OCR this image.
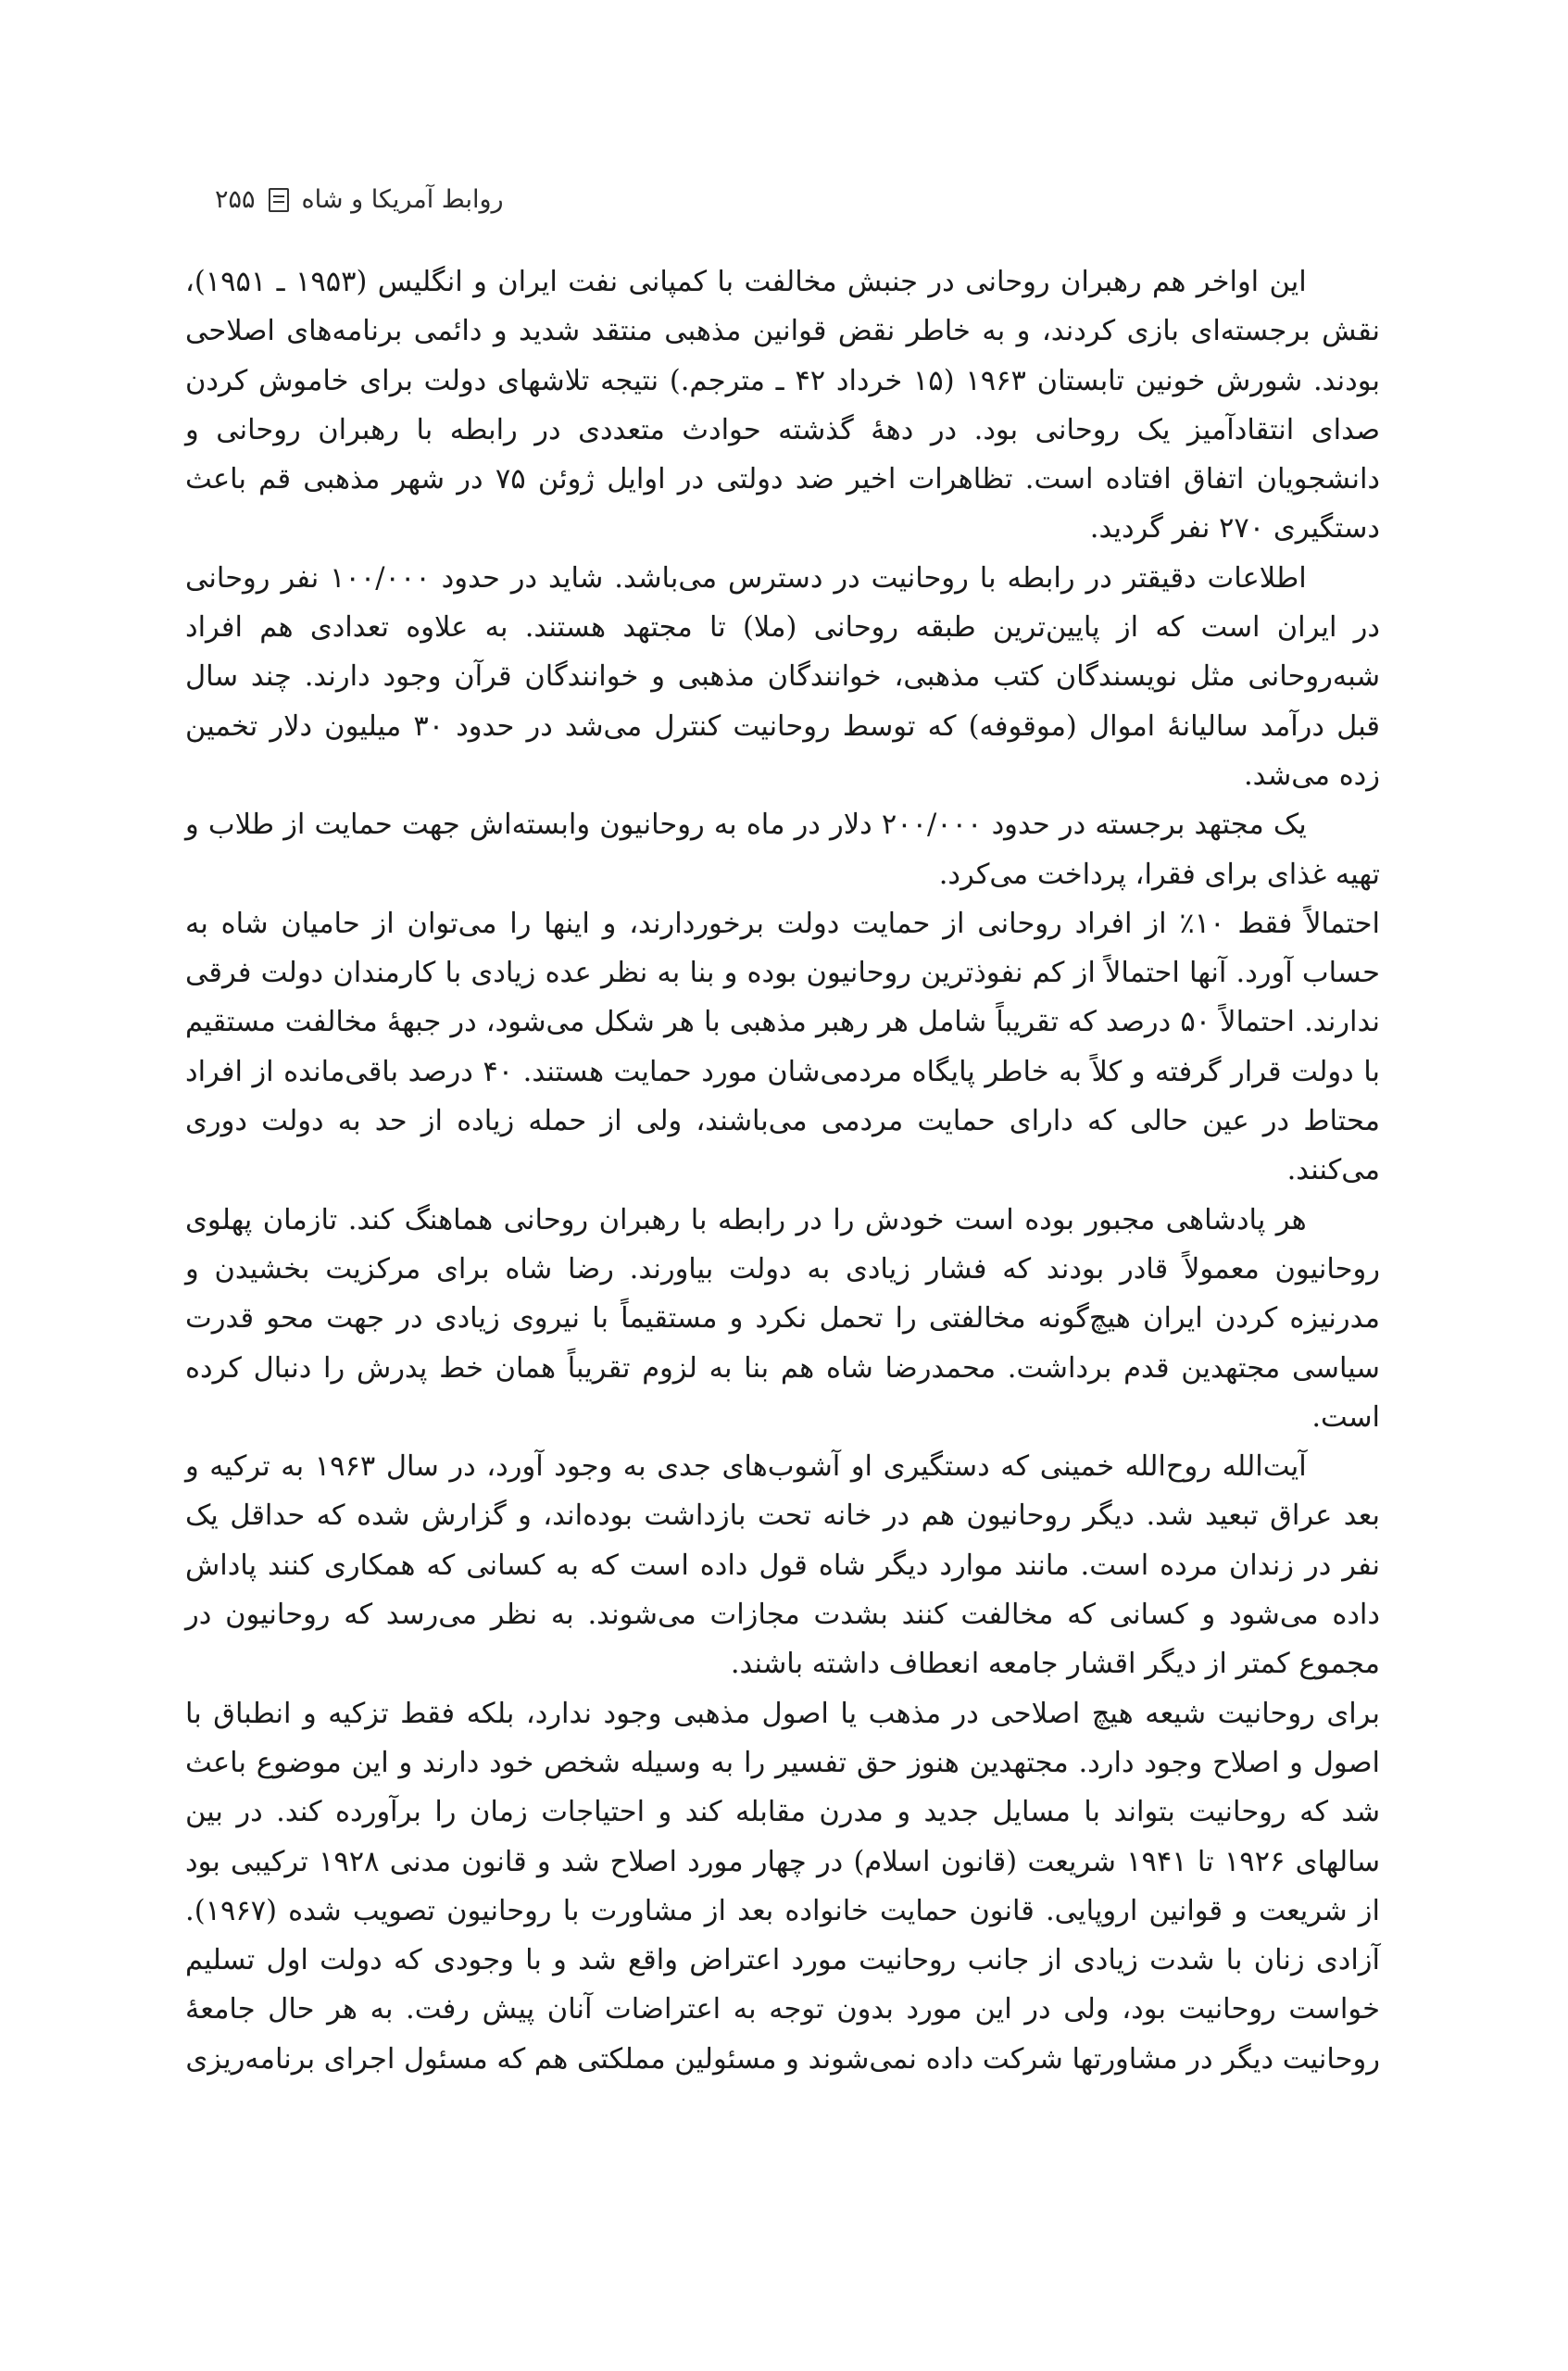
روابط آمریکا و شاه
۲۵۵

این اواخر هم رهبران روحانی در جنبش مخالفت با کمپانی نفت ایران و انگلیس (۱۹۵۳ ـ ۱۹۵۱)، نقش برجسته‌ای بازی کردند، و به خاطر نقض قوانین مذهبی منتقد شدید و دائمی برنامه‌های اصلاحی بودند. شورش خونین تابستان ۱۹۶۳ (۱۵ خرداد ۴۲ ـ مترجم.) نتیجه تلاشهای دولت برای خاموش کردن صدای انتقادآمیز یک روحانی بود. در دههٔ گذشته حوادث متعددی در رابطه با رهبران روحانی و دانشجویان اتفاق افتاده است. تظاهرات اخیر ضد دولتی در اوایل ژوئن ۷۵ در شهر مذهبی قم باعث دستگیری ۲۷۰ نفر گردید.

اطلاعات دقیقتر در رابطه با روحانیت در دسترس می‌باشد. شاید در حدود ۱۰۰/۰۰۰ نفر روحانی در ایران است که از پایین‌ترین طبقه روحانی (ملا) تا مجتهد هستند. به علاوه تعدادی هم افراد شبه‌روحانی مثل نویسندگان کتب مذهبی، خوانندگان مذهبی و خوانندگان قرآن وجود دارند. چند سال قبل درآمد سالیانهٔ اموال (موقوفه) که توسط روحانیت کنترل می‌شد در حدود ۳۰ میلیون دلار تخمین زده می‌شد.

یک مجتهد برجسته در حدود ۲۰۰/۰۰۰ دلار در ماه به روحانیون وابسته‌اش جهت حمایت از طلاب و تهیه غذای برای فقرا، پرداخت می‌کرد.

احتمالاً فقط ۱۰٪ از افراد روحانی از حمایت دولت برخوردارند، و اینها را می‌توان از حامیان شاه به حساب آورد. آنها احتمالاً از کم نفوذترین روحانیون بوده و بنا به نظر عده زیادی با کارمندان دولت فرقی ندارند. احتمالاً ۵۰ درصد که تقریباً شامل هر رهبر مذهبی با هر شکل می‌شود، در جبههٔ مخالفت مستقیم با دولت قرار گرفته و کلاً به خاطر پایگاه مردمی‌شان مورد حمایت هستند. ۴۰ درصد باقی‌مانده از افراد محتاط در عین حالی که دارای حمایت مردمی می‌باشند، ولی از حمله زیاده از حد به دولت دوری می‌کنند.

هر پادشاهی مجبور بوده است خودش را در رابطه با رهبران روحانی هماهنگ کند. تازمان پهلوی روحانیون معمولاً قادر بودند که فشار زیادی به دولت بیاورند. رضا شاه برای مرکزیت بخشیدن و مدرنیزه کردن ایران هیچ‌گونه مخالفتی را تحمل نکرد و مستقیماً با نیروی زیادی در جهت محو قدرت سیاسی مجتهدین قدم برداشت. محمدرضا شاه هم بنا به لزوم تقریباً همان خط پدرش را دنبال کرده است.

آیت‌الله روح‌الله خمینی که دستگیری او آشوب‌های جدی به وجود آورد، در سال ۱۹۶۳ به ترکیه و بعد عراق تبعید شد. دیگر روحانیون هم در خانه تحت بازداشت بوده‌اند، و گزارش شده که حداقل یک نفر در زندان مرده است. مانند موارد دیگر شاه قول داده است که به کسانی که همکاری کنند پاداش داده می‌شود و کسانی که مخالفت کنند بشدت مجازات می‌شوند. به نظر می‌رسد که روحانیون در مجموع کمتر از دیگر اقشار جامعه انعطاف داشته باشند.

برای روحانیت شیعه هیچ اصلاحی در مذهب یا اصول مذهبی وجود ندارد، بلکه فقط تزکیه و انطباق با اصول و اصلاح وجود دارد. مجتهدین هنوز حق تفسیر را به وسیله شخص خود دارند و این موضوع باعث شد که روحانیت بتواند با مسایل جدید و مدرن مقابله کند و احتیاجات زمان را برآورده کند. در بین سالهای ۱۹۲۶ تا ۱۹۴۱ شریعت (قانون اسلام) در چهار مورد اصلاح شد و قانون مدنی ۱۹۲۸ ترکیبی بود از شریعت و قوانین اروپایی. قانون حمایت خانواده بعد از مشاورت با روحانیون تصویب شده (۱۹۶۷). آزادی زنان با شدت زیادی از جانب روحانیت مورد اعتراض واقع شد و با وجودی که دولت اول تسلیم خواست روحانیت بود، ولی در این مورد بدون توجه به اعتراضات آنان پیش رفت. به هر حال جامعهٔ روحانیت دیگر در مشاورتها شرکت داده نمی‌شوند و مسئولین مملکتی هم که مسئول اجرای برنامه‌ریزی
